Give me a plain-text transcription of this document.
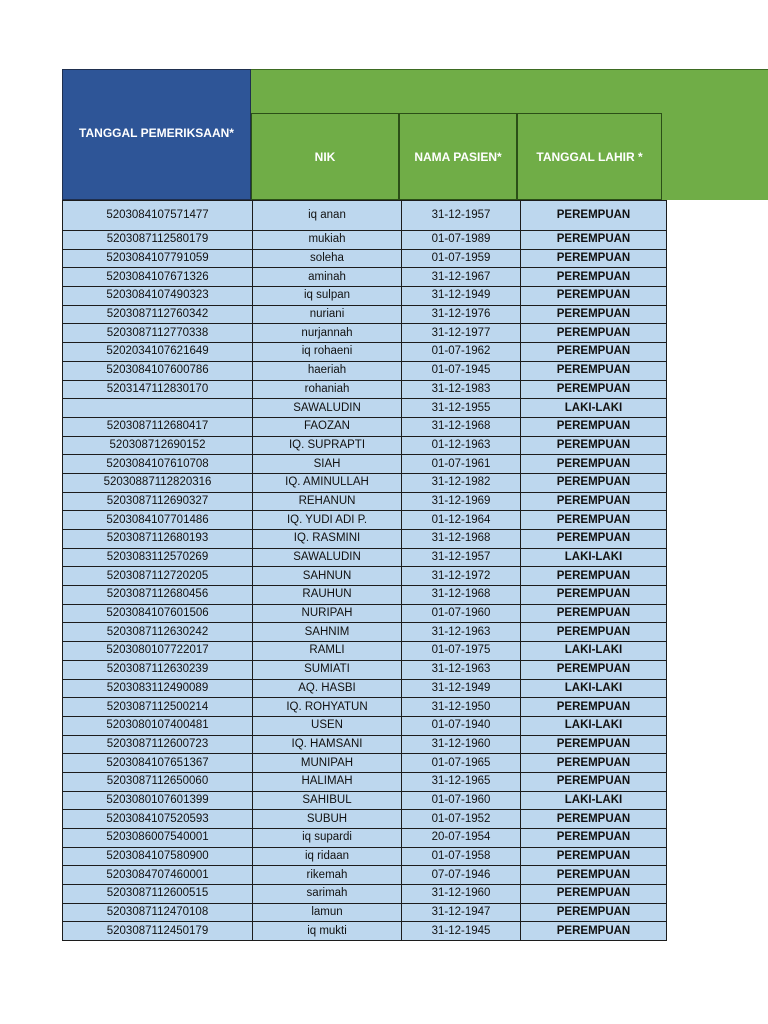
TANGGAL PEMERIKSAAN*
NIK	NAMA PASIEN*	TANGGAL LAHIR *
5203084107571477	iq anan	31-12-1957	PEREMPUAN
5203087112580179	mukiah	01-07-1989	PEREMPUAN
5203084107791059	soleha	01-07-1959	PEREMPUAN
5203084107671326	aminah	31-12-1967	PEREMPUAN
5203084107490323	iq sulpan	31-12-1949	PEREMPUAN
5203087112760342	nuriani	31-12-1976	PEREMPUAN
5203087112770338	nurjannah	31-12-1977	PEREMPUAN
5202034107621649	iq rohaeni	01-07-1962	PEREMPUAN
5203084107600786	haeriah	01-07-1945	PEREMPUAN
5203147112830170	rohaniah	31-12-1983	PEREMPUAN
	SAWALUDIN	31-12-1955	LAKI-LAKI
5203087112680417	FAOZAN	31-12-1968	PEREMPUAN
520308712690152	IQ. SUPRAPTI	01-12-1963	PEREMPUAN
5203084107610708	SIAH	01-07-1961	PEREMPUAN
52030887112820316	IQ. AMINULLAH	31-12-1982	PEREMPUAN
5203087112690327	REHANUN	31-12-1969	PEREMPUAN
5203084107701486	IQ. YUDI ADI P.	01-12-1964	PEREMPUAN
5203087112680193	IQ. RASMINI	31-12-1968	PEREMPUAN
5203083112570269	SAWALUDIN	31-12-1957	LAKI-LAKI
5203087112720205	SAHNUN	31-12-1972	PEREMPUAN
5203087112680456	RAUHUN	31-12-1968	PEREMPUAN
5203084107601506	NURIPAH	01-07-1960	PEREMPUAN
5203087112630242	SAHNIM	31-12-1963	PEREMPUAN
5203080107722017	RAMLI	01-07-1975	LAKI-LAKI
5203087112630239	SUMIATI	31-12-1963	PEREMPUAN
5203083112490089	AQ. HASBI	31-12-1949	LAKI-LAKI
5203087112500214	IQ. ROHYATUN	31-12-1950	PEREMPUAN
5203080107400481	USEN	01-07-1940	LAKI-LAKI
5203087112600723	IQ. HAMSANI	31-12-1960	PEREMPUAN
5203084107651367	MUNIPAH	01-07-1965	PEREMPUAN
5203087112650060	HALIMAH	31-12-1965	PEREMPUAN
5203080107601399	SAHIBUL	01-07-1960	LAKI-LAKI
5203084107520593	SUBUH	01-07-1952	PEREMPUAN
5203086007540001	iq supardi	20-07-1954	PEREMPUAN
5203084107580900	iq ridaan	01-07-1958	PEREMPUAN
5203084707460001	rikemah	07-07-1946	PEREMPUAN
5203087112600515	sarimah	31-12-1960	PEREMPUAN
5203087112470108	lamun	31-12-1947	PEREMPUAN
5203087112450179	iq mukti	31-12-1945	PEREMPUAN
